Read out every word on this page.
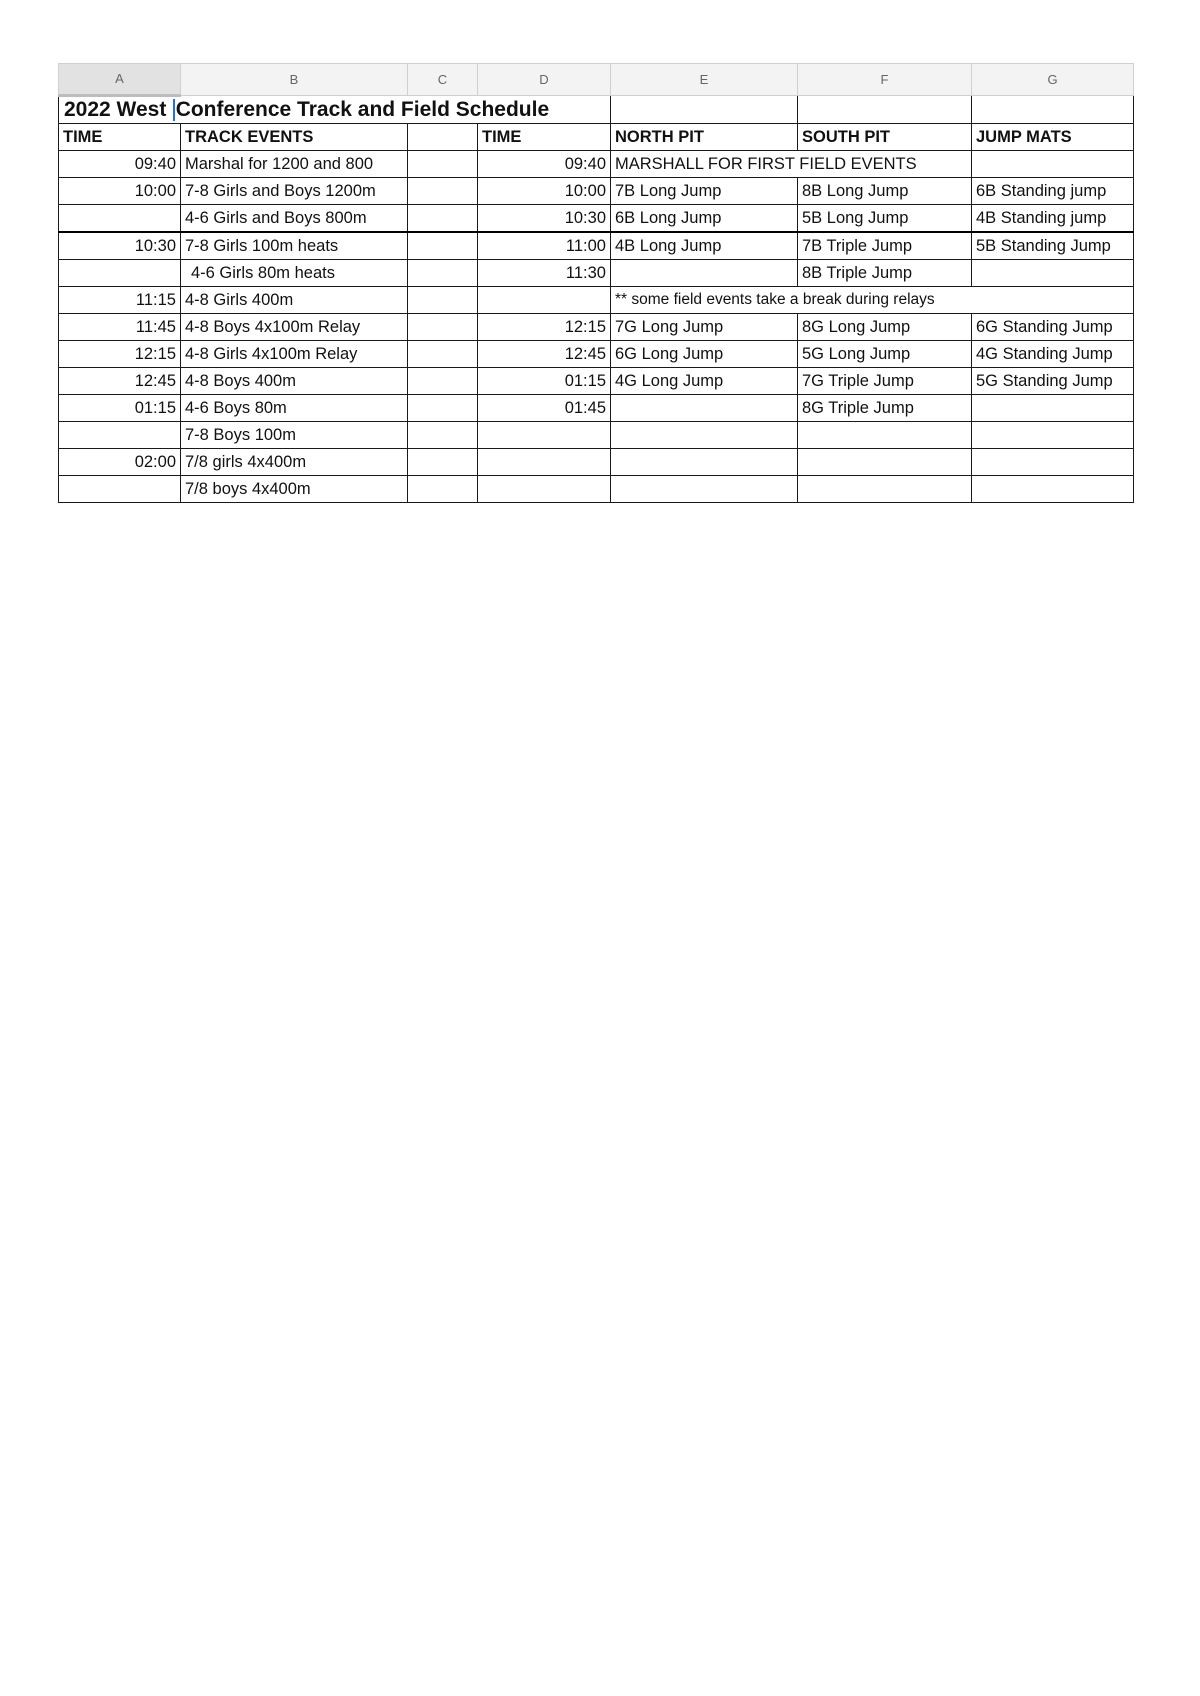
A	B	C	D	E	F	G
2022 West Conference Track and Field Schedule						
TIME	TRACK EVENTS		TIME	NORTH PIT	SOUTH PIT	JUMP MATS
09:40	Marshal for 1200 and 800		09:40	MARSHALL FOR FIRST FIELD EVENTS		
10:00	7-8 Girls and Boys 1200m		10:00	7B Long Jump	8B Long Jump	6B Standing jump
	4-6 Girls and Boys 800m		10:30	6B Long Jump	5B Long Jump	4B Standing jump
10:30	7-8 Girls 100m heats		11:00	4B Long Jump	7B Triple Jump	5B Standing Jump
	4-6 Girls 80m heats		11:30		8B Triple Jump	
11:15	4-8 Girls 400m			** some field events take a break during relays		
11:45	4-8 Boys 4x100m Relay		12:15	7G Long Jump	8G Long Jump	6G Standing Jump
12:15	4-8 Girls 4x100m Relay		12:45	6G Long Jump	5G Long Jump	4G Standing Jump
12:45	4-8 Boys 400m		01:15	4G Long Jump	7G Triple Jump	5G Standing Jump
01:15	4-6 Boys 80m		01:45		8G Triple Jump	
	7-8 Boys 100m					
02:00	7/8 girls 4x400m					
	7/8 boys 4x400m					
